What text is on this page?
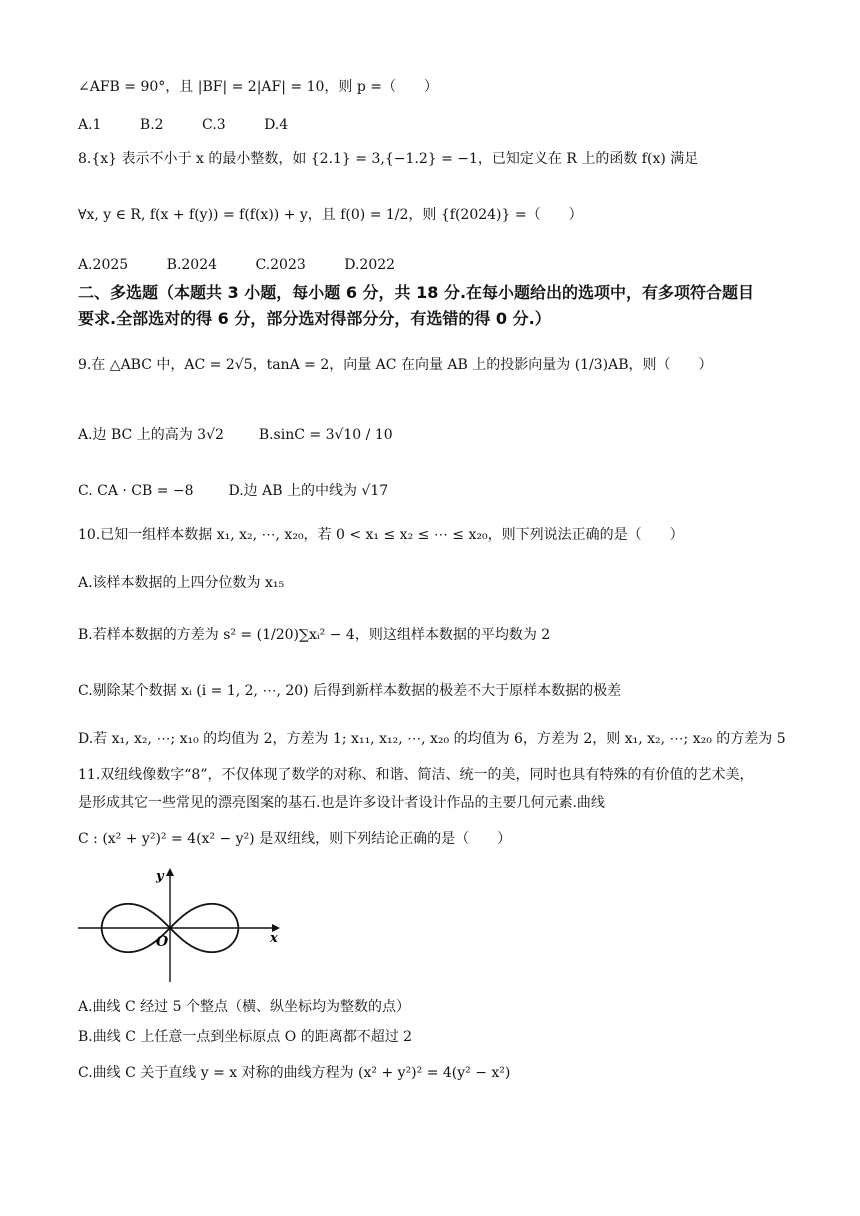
∠AFB = 90°，且 |BF| = 2|AF| = 10，则 p =（　　）
A.1	B.2	C.3	D.4
8.{x} 表示不小于 x 的最小整数，如 {2.1} = 3,{−1.2} = −1，已知定义在 R 上的函数 f(x) 满足
∀x, y ∈ R, f(x + f(y)) = f(f(x)) + y，且 f(0) = 1/2，则 {f(2024)} =（　　）
A.2025	B.2024	C.2023	D.2022
二、多选题（本题共 3 小题，每小题 6 分，共 18 分.在每小题给出的选项中，有多项符合题目
要求.全部选对的得 6 分，部分选对得部分分，有选错的得 0 分.）
9.在 △ABC 中，AC = 2√5，tanA = 2，向量 AC 在向量 AB 上的投影向量为 (1/3)AB，则（　　）
A.边 BC 上的高为 3√2 B.sinC = 3√10 / 10
C. CA · CB = −8 D.边 AB 上的中线为 √17
10.已知一组样本数据 x₁, x₂, ⋯, x₂₀，若 0 < x₁ ≤ x₂ ≤ ⋯ ≤ x₂₀，则下列说法正确的是（　　）
A.该样本数据的上四分位数为 x₁₅
B.若样本数据的方差为 s² = (1/20)∑xᵢ² − 4，则这组样本数据的平均数为 2
C.剔除某个数据 xᵢ (i = 1, 2, ⋯, 20) 后得到新样本数据的极差不大于原样本数据的极差
D.若 x₁, x₂, ⋯; x₁₀ 的均值为 2，方差为 1; x₁₁, x₁₂, ⋯, x₂₀ 的均值为 6，方差为 2，则 x₁, x₂, ⋯; x₂₀ 的方差为 5
11.双纽线像数字“8”，不仅体现了数学的对称、和谐、简洁、统一的美，同时也具有特殊的有价值的艺术美，
是形成其它一些常见的漂亮图案的基石.也是许多设计者设计作品的主要几何元素.曲线
C : (x² + y²)² = 4(x² − y²) 是双纽线，则下列结论正确的是（　　）
y
x
O
A.曲线 C 经过 5 个整点（横、纵坐标均为整数的点）
B.曲线 C 上任意一点到坐标原点 O 的距离都不超过 2
C.曲线 C 关于直线 y = x 对称的曲线方程为 (x² + y²)² = 4(y² − x²)
